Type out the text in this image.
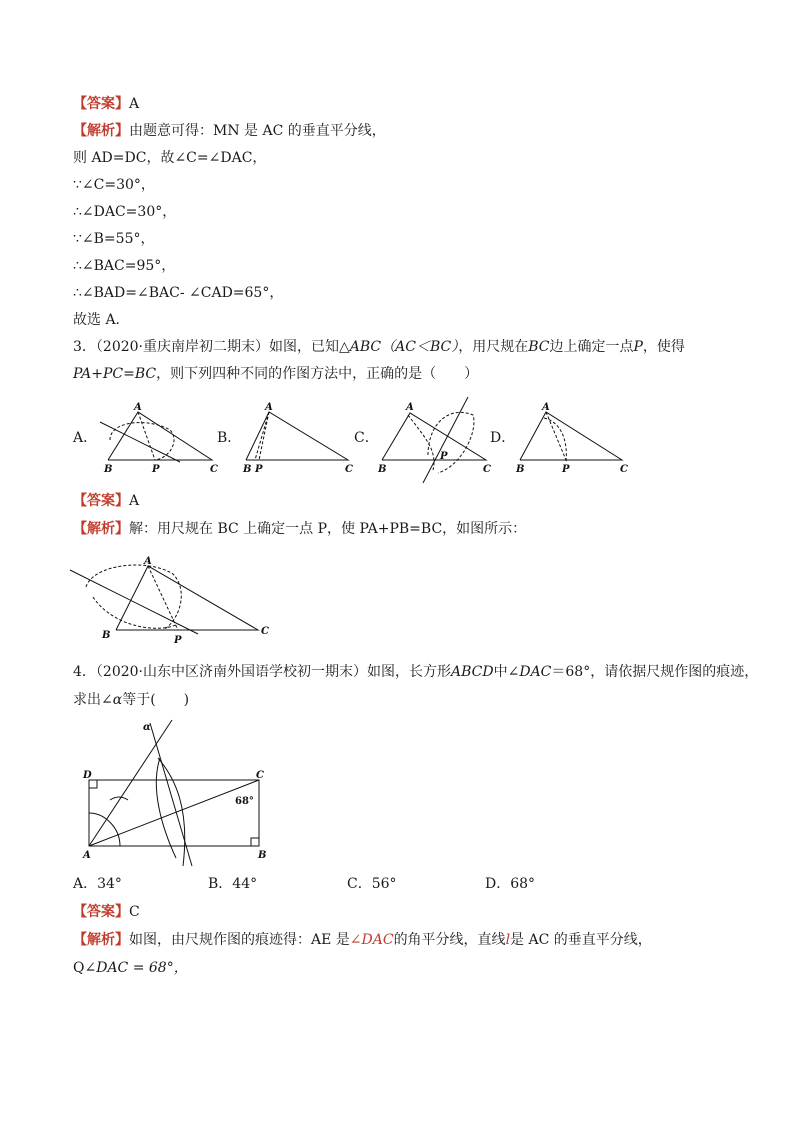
【答案】A
【解析】由题意可得：MN 是 AC 的垂直平分线，
则 AD=DC，故∠C=∠DAC，
∵∠C=30°，
∴∠DAC=30°，
∵∠B=55°，
∴∠BAC=95°，
∴∠BAD=∠BAC- ∠CAD=65°，
故选 A．
3．（2020·重庆南岸初二期末）如图，已知△ABC（AC＜BC），用尺规在BC边上确定一点P，使得
PA+PC=BC，则下列四种不同的作图方法中，正确的是（　　）
A．	B．	C．	D．
A
B	P	C
A
B P	C
A
B
P
C
A
B	P	C
【答案】A
【解析】解：用尺规在 BC 上确定一点 P，使 PA+PB=BC，如图所示：
A
B	P
C
4．（2020·山东中区济南外国语学校初一期末）如图，长方形ABCD中∠DAC＝68°，请依据尺规作图的痕迹，
求出∠α等于(　　)
α
D	C
68°
A	B
A．34°	B．44°	C．56°	D．68°
【答案】C
【解析】如图，由尺规作图的痕迹得：AE 是∠DAC的角平分线，直线l是 AC 的垂直平分线，
Q∠DAC = 68°，
